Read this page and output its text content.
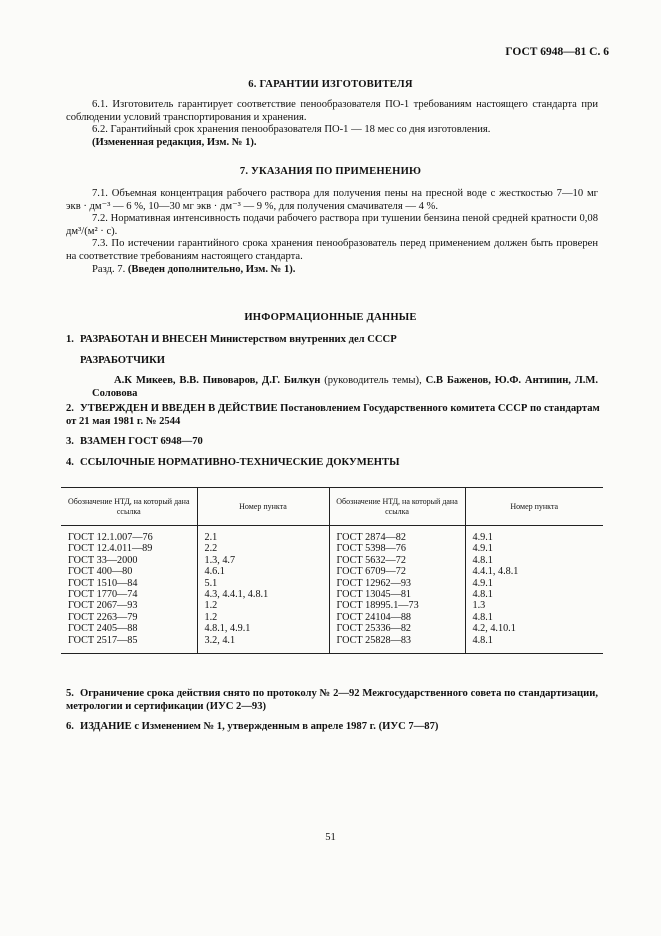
ГОСТ 6948—81 С. 6
6. ГАРАНТИИ ИЗГОТОВИТЕЛЯ

6.1. Изготовитель гарантирует соответствие пенообразователя ПО-1 требованиям настоящего стандарта при соблюдении условий транспортирования и хранения.

6.2. Гарантийный срок хранения пенообразователя ПО-1 — 18 мес со дня изготовления.

(Измененная редакция, Изм. № 1).

7. УКАЗАНИЯ ПО ПРИМЕНЕНИЮ

7.1. Объемная концентрация рабочего раствора для получения пены на пресной воде с жесткостью 7—10 мг экв · дм⁻³ — 6 %, 10—30 мг экв · дм⁻³ — 9 %, для получения смачивателя — 4 %.

7.2. Нормативная интенсивность подачи рабочего раствора при тушении бензина пеной средней кратности 0,08 дм³/(м² · с).

7.3. По истечении гарантийного срока хранения пенообразователь перед применением должен быть проверен на соответствие требованиям настоящего стандарта.

Разд. 7. (Введен дополнительно, Изм. № 1).

ИНФОРМАЦИОННЫЕ ДАННЫЕ
1. РАЗРАБОТАН И ВНЕСЕН Министерством внутренних дел СССР
РАЗРАБОТЧИКИ
А.К Микеев, В.В. Пивоваров, Д.Г. Билкун (руководитель темы), С.В Баженов, Ю.Ф. Антипин, Л.М. Соловова
2. УТВЕРЖДЕН И ВВЕДЕН В ДЕЙСТВИЕ Постановлением Государственного комитета СССР по стандартам от 21 мая 1981 г. № 2544
3. ВЗАМЕН ГОСТ 6948—70
4. ССЫЛОЧНЫЕ НОРМАТИВНО-ТЕХНИЧЕСКИЕ ДОКУМЕНТЫ
Обозначение НТД, на который дана ссылка	Номер пункта	Обозначение НТД, на который дана ссылка	Номер пункта
ГОСТ 12.1.007—76	2.1	ГОСТ 2874—82	4.9.1
ГОСТ 12.4.011—89	2.2	ГОСТ 5398—76	4.9.1
ГОСТ 33—2000	1.3, 4.7	ГОСТ 5632—72	4.8.1
ГОСТ 400—80	4.6.1	ГОСТ 6709—72	4.4.1, 4.8.1
ГОСТ 1510—84	5.1	ГОСТ 12962—93	4.9.1
ГОСТ 1770—74	4.3, 4.4.1, 4.8.1	ГОСТ 13045—81	4.8.1
ГОСТ 2067—93	1.2	ГОСТ 18995.1—73	1.3
ГОСТ 2263—79	1.2	ГОСТ 24104—88	4.8.1
ГОСТ 2405—88	4.8.1, 4.9.1	ГОСТ 25336—82	4.2, 4.10.1
ГОСТ 2517—85	3.2, 4.1	ГОСТ 25828—83	4.8.1
5. Ограничение срока действия снято по протоколу № 2—92 Межгосударственного совета по стандартизации, метрологии и сертификации (ИУС 2—93)
6. ИЗДАНИЕ с Изменением № 1, утвержденным в апреле 1987 г. (ИУС 7—87)
51
